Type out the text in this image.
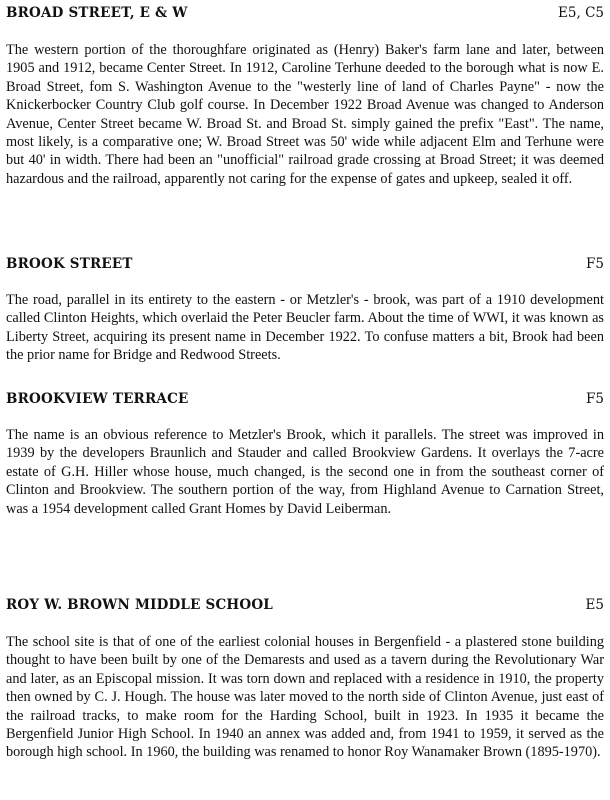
BROAD STREET, E & W	E5, C5

The western portion of the thoroughfare originated as (Henry) Baker's farm lane and later, between 1905 and 1912, became Center Street. In 1912, Caroline Terhune deeded to the borough what is now E. Broad Street, fom S. Washington Avenue to the "westerly line of land of Charles Payne" - now the Knickerbocker Country Club golf course. In December 1922 Broad Avenue was changed to Anderson Avenue, Center Street became W. Broad St. and Broad St. simply gained the prefix "East". The name, most likely, is a comparative one; W. Broad Street was 50' wide while adjacent Elm and Terhune were but 40' in width. There had been an "unofficial" railroad grade crossing at Broad Street; it was deemed hazardous and the railroad, apparently not caring for the expense of gates and upkeep, sealed it off.

BROOK STREET	F5

The road, parallel in its entirety to the eastern - or Metzler's - brook, was part of a 1910 development called Clinton Heights, which overlaid the Peter Beucler farm. About the time of WWI, it was known as Liberty Street, acquiring its present name in December 1922. To confuse matters a bit, Brook had been the prior name for Bridge and Redwood Streets.

BROOKVIEW TERRACE	F5

The name is an obvious reference to Metzler's Brook, which it parallels. The street was improved in 1939 by the developers Braunlich and Stauder and called Brookview Gardens. It overlays the 7-acre estate of G.H. Hiller whose house, much changed, is the second one in from the southeast corner of Clinton and Brookview. The southern portion of the way, from Highland Avenue to Carnation Street, was a 1954 development called Grant Homes by David Leiberman.

ROY W. BROWN MIDDLE SCHOOL	E5

The school site is that of one of the earliest colonial houses in Bergenfield - a plastered stone building thought to have been built by one of the Demarests and used as a tavern during the Revolutionary War and later, as an Episcopal mission. It was torn down and replaced with a residence in 1910, the property then owned by C. J. Hough. The house was later moved to the north side of Clinton Avenue, just east of the railroad tracks, to make room for the Harding School, built in 1923. In 1935 it became the Bergenfield Junior High School. In 1940 an annex was added and, from 1941 to 1959, it served as the borough high school. In 1960, the building was renamed to honor Roy Wanamaker Brown (1895-1970).
